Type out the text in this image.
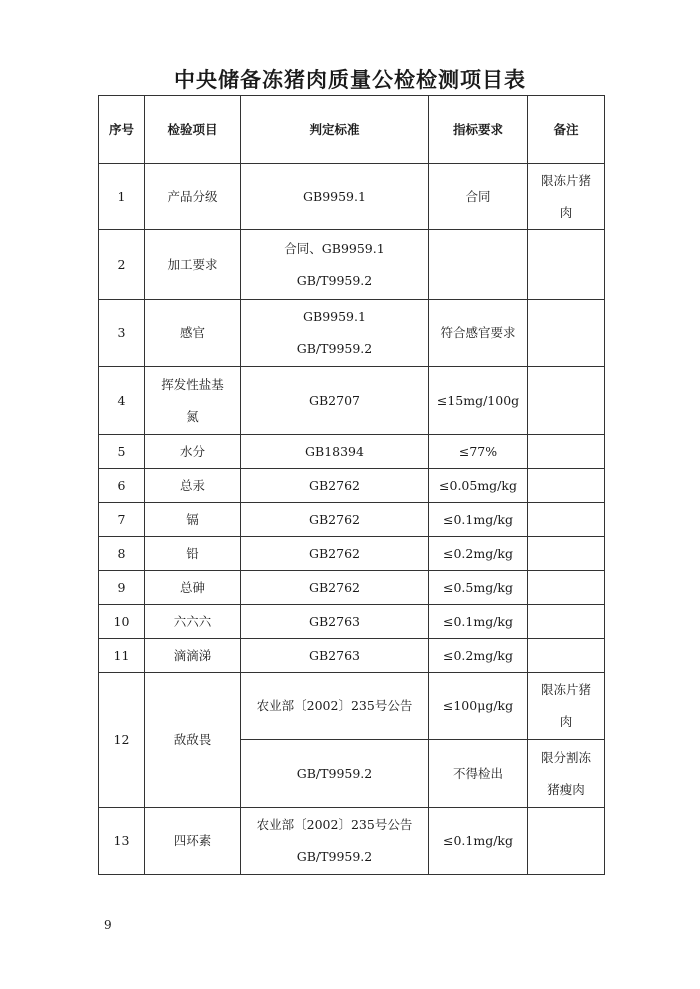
中央储备冻猪肉质量公检检测项目表
序号	检验项目	判定标准	指标要求	备注
1	产品分级	GB9959.1	合同	限冻片猪
肉

2	加工要求	合同、GB9959.1
GB/T9959.2		

3	感官	GB9959.1
GB/T9959.2	符合感官要求	
4	挥发性盐基
氮	GB2707	≤15mg/100g	
5	水分	GB18394	≤77%	
6	总汞	GB2762	≤0.05mg/kg	
7	镉	GB2762	≤0.1mg/kg	
8	铅	GB2762	≤0.2mg/kg	
9	总砷	GB2762	≤0.5mg/kg	
10	六六六	GB2763	≤0.1mg/kg	
11	滴滴涕	GB2763	≤0.2mg/kg	
12	敌敌畏	农业部〔2002〕235号公告	≤100μg/kg	限冻片猪
肉

		GB/T9959.2	不得检出	限分割冻
猪瘦肉

13	四环素	农业部〔2002〕235号公告
GB/T9959.2	≤0.1mg/kg	
9
